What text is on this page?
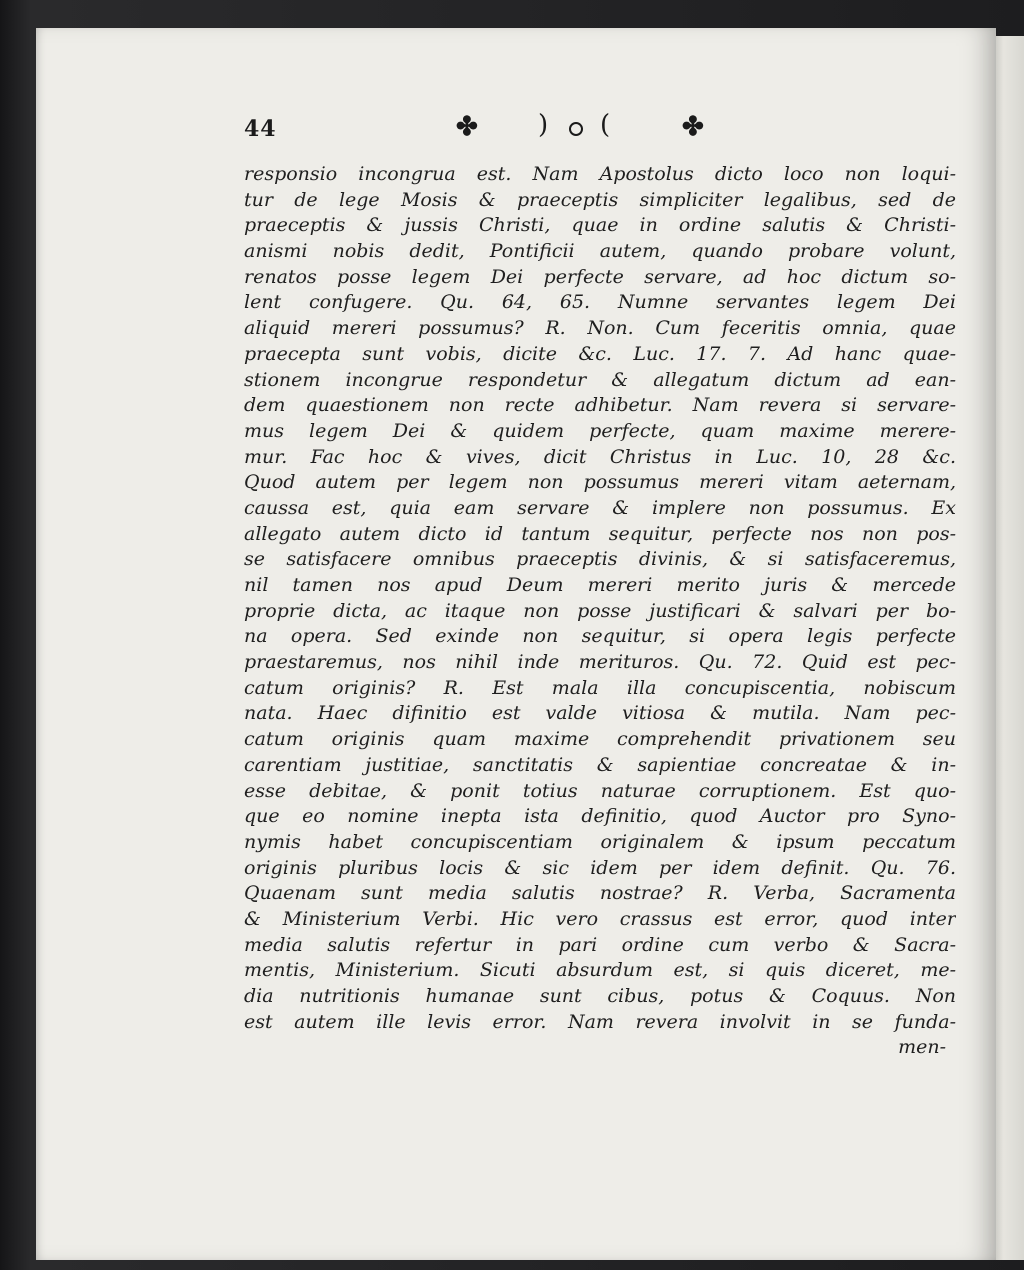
44	✤ ) (	✤
responsio incongrua est. Nam Apostolus dicto loco non loqui-
tur de lege Mosis & praeceptis simpliciter legalibus, sed de
praeceptis & jussis Christi, quae in ordine salutis & Christi-
anismi nobis dedit, Pontificii autem, quando probare volunt,
renatos posse legem Dei perfecte servare, ad hoc dictum so-
lent confugere. Qu. 64, 65. Numne servantes legem Dei
aliquid mereri possumus? R. Non. Cum feceritis omnia, quae
praecepta sunt vobis, dicite &c. Luc. 17. 7. Ad hanc quae-
stionem incongrue respondetur & allegatum dictum ad ean-
dem quaestionem non recte adhibetur. Nam revera si servare-
mus legem Dei & quidem perfecte, quam maxime merere-
mur. Fac hoc & vives, dicit Christus in Luc. 10, 28 &c.
Quod autem per legem non possumus mereri vitam aeternam,
caussa est, quia eam servare & implere non possumus. Ex
allegato autem dicto id tantum sequitur, perfecte nos non pos-
se satisfacere omnibus praeceptis divinis, & si satisfaceremus,
nil tamen nos apud Deum mereri merito juris & mercede
proprie dicta, ac itaque non posse justificari & salvari per bo-
na opera. Sed exinde non sequitur, si opera legis perfecte
praestaremus, nos nihil inde merituros. Qu. 72. Quid est pec-
catum originis? R. Est mala illa concupiscentia, nobiscum
nata. Haec difinitio est valde vitiosa & mutila. Nam pec-
catum originis quam maxime comprehendit privationem seu
carentiam justitiae, sanctitatis & sapientiae concreatae & in-
esse debitae, & ponit totius naturae corruptionem. Est quo-
que eo nomine inepta ista definitio, quod Auctor pro Syno-
nymis habet concupiscentiam originalem & ipsum peccatum
originis pluribus locis & sic idem per idem definit. Qu. 76.
Quaenam sunt media salutis nostrae? R. Verba, Sacramenta
& Ministerium Verbi. Hic vero crassus est error, quod inter
media salutis refertur in pari ordine cum verbo & Sacra-
mentis, Ministerium. Sicuti absurdum est, si quis diceret, me-
dia nutritionis humanae sunt cibus, potus & Coquus. Non
est autem ille levis error. Nam revera involvit in se funda-
men-
